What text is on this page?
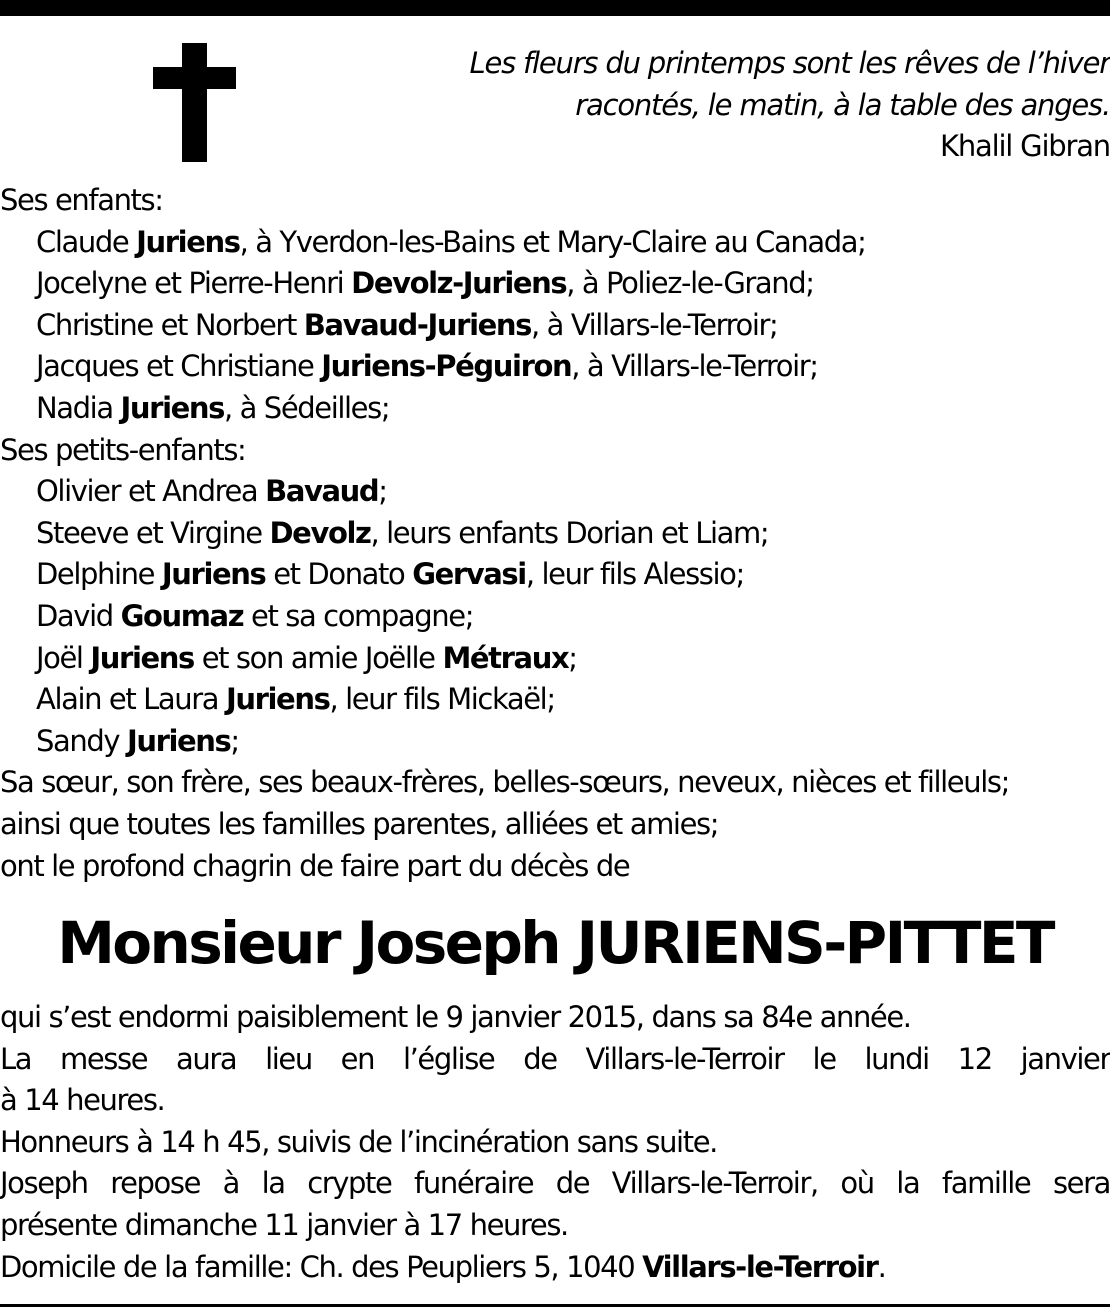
Les fleurs du printemps sont les rêves de l’hiver
racontés, le matin, à la table des anges.
Khalil Gibran
Ses enfants:
Claude Juriens, à Yverdon-les-Bains et Mary-Claire au Canada;
Jocelyne et Pierre-Henri Devolz-Juriens, à Poliez-le-Grand;
Christine et Norbert Bavaud-Juriens, à Villars-le-Terroir;
Jacques et Christiane Juriens-Péguiron, à Villars-le-Terroir;
Nadia Juriens, à Sédeilles;
Ses petits-enfants:
Olivier et Andrea Bavaud;
Steeve et Virgine Devolz, leurs enfants Dorian et Liam;
Delphine Juriens et Donato Gervasi, leur fils Alessio;
David Goumaz et sa compagne;
Joël Juriens et son amie Joëlle Métraux;
Alain et Laura Juriens, leur fils Mickaël;
Sandy Juriens;
Sa sœur, son frère, ses beaux-frères, belles-sœurs, neveux, nièces et filleuls;
ainsi que toutes les familles parentes, alliées et amies;
ont le profond chagrin de faire part du décès de
Monsieur Joseph JURIENS-PITTET
qui s’est endormi paisiblement le 9 janvier 2015, dans sa 84e année.
La messe aura lieu en l’église de Villars-le-Terroir le lundi 12 janvier
à 14 heures.
Honneurs à 14 h 45, suivis de l’incinération sans suite.
Joseph repose à la crypte funéraire de Villars-le-Terroir, où la famille sera
présente dimanche 11 janvier à 17 heures.
Domicile de la famille: Ch. des Peupliers 5, 1040 Villars-le-Terroir.
